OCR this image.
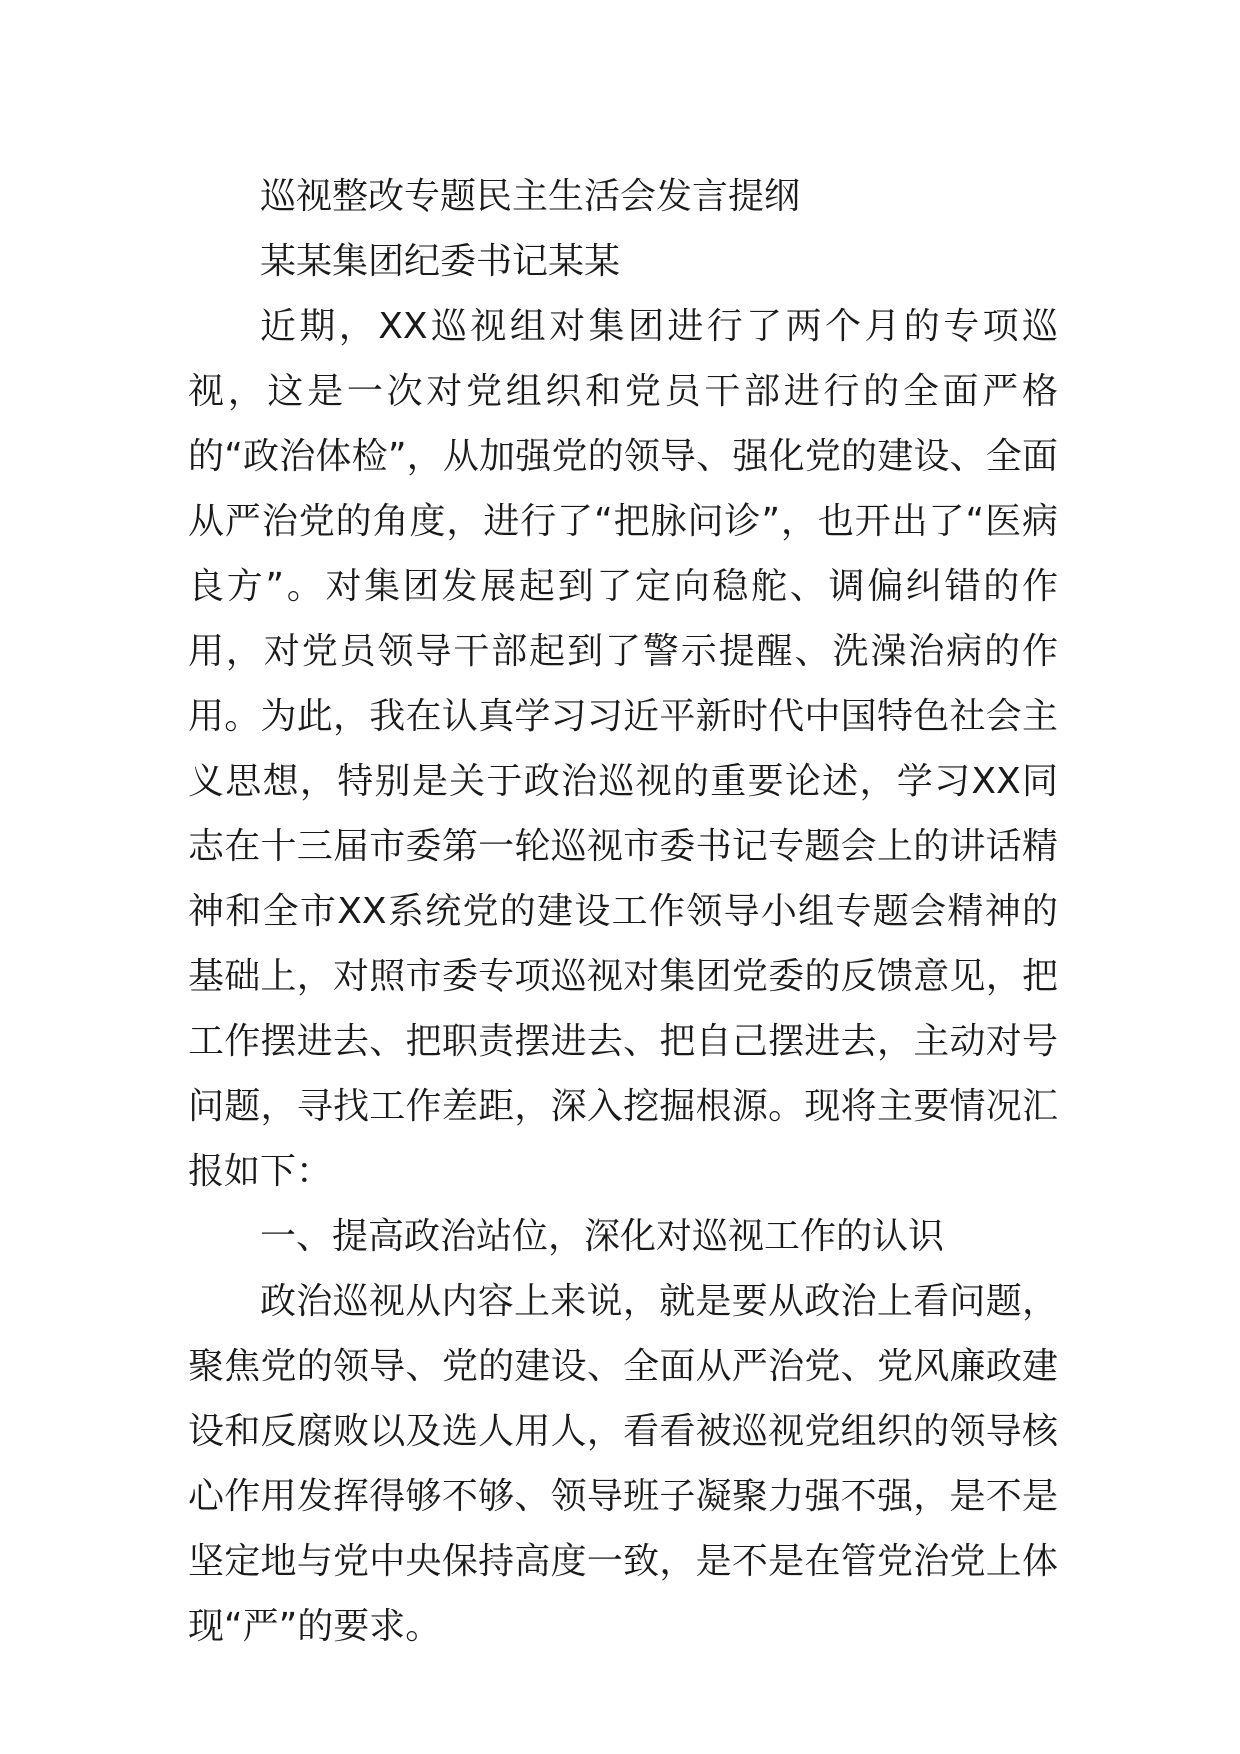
巡视整改专题民主生活会发言提纲

某某集团纪委书记某某

近期，XX巡视组对集团进行了两个月的专项巡视，这是一次对党组织和党员干部进行的全面严格的“政治体检”，从加强党的领导、强化党的建设、全面从严治党的角度，进行了“把脉问诊”，也开出了“医病良方”。对集团发展起到了定向稳舵、调偏纠错的作用，对党员领导干部起到了警示提醒、洗澡治病的作用。为此，我在认真学习习近平新时代中国特色社会主义思想，特别是关于政治巡视的重要论述，学习XX同志在十三届市委第一轮巡视市委书记专题会上的讲话精神和全市XX系统党的建设工作领导小组专题会精神的基础上，对照市委专项巡视对集团党委的反馈意见，把工作摆进去、把职责摆进去、把自己摆进去，主动对号问题，寻找工作差距，深入挖掘根源。现将主要情况汇报如下：

一、提高政治站位，深化对巡视工作的认识

政治巡视从内容上来说，就是要从政治上看问题，聚焦党的领导、党的建设、全面从严治党、党风廉政建设和反腐败以及选人用人，看看被巡视党组织的领导核心作用发挥得够不够、领导班子凝聚力强不强，是不是坚定地与党中央保持高度一致，是不是在管党治党上体现“严”的要求。
